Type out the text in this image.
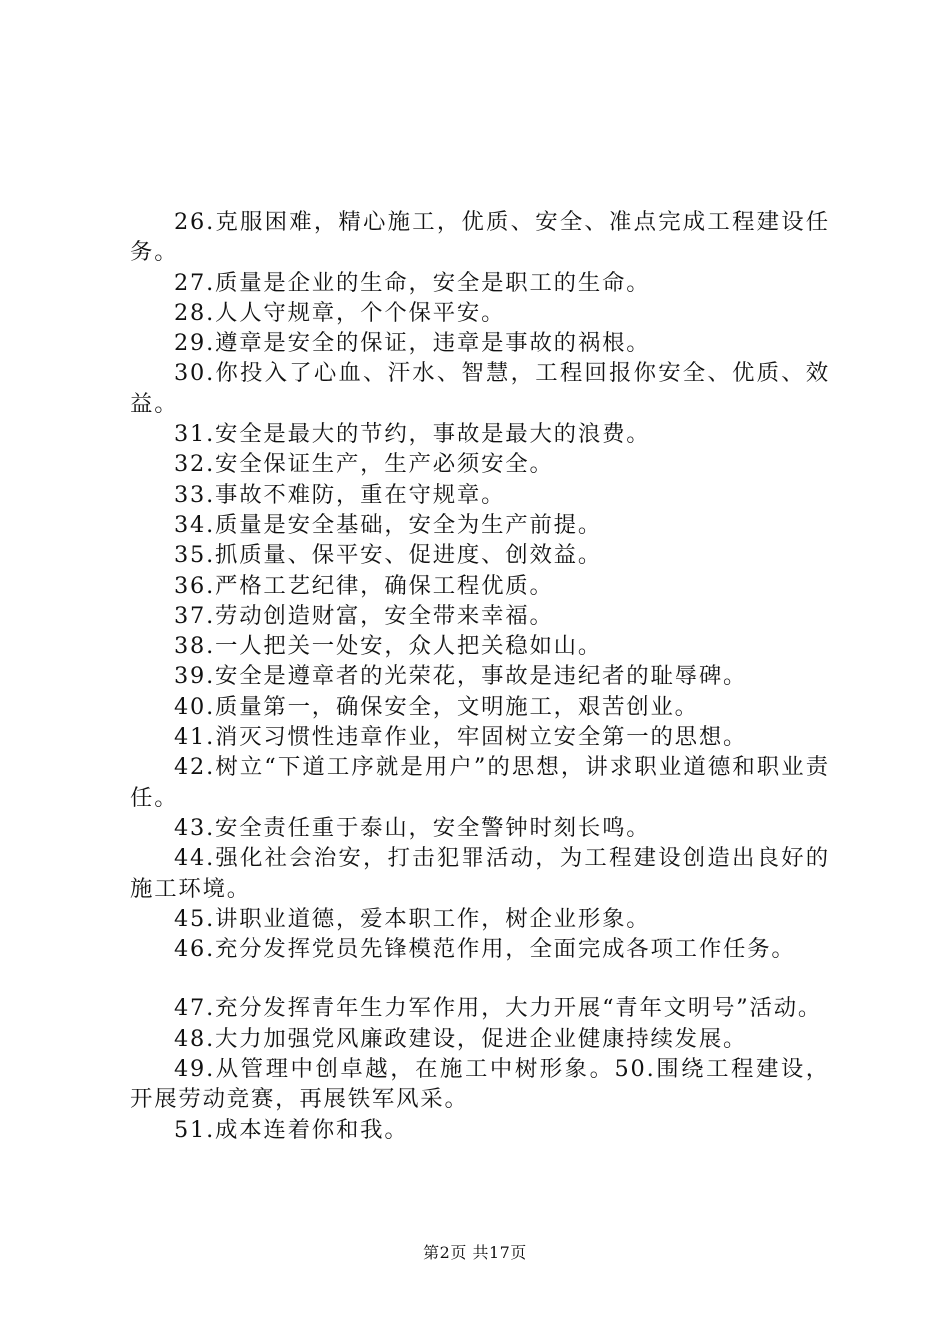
26.克服困难，精心施工，优质、安全、准点完成工程建设任务。

27.质量是企业的生命，安全是职工的生命。

28.人人守规章，个个保平安。

29.遵章是安全的保证，违章是事故的祸根。

30.你投入了心血、汗水、智慧，工程回报你安全、优质、效益。

31.安全是最大的节约，事故是最大的浪费。

32.安全保证生产，生产必须安全。

33.事故不难防，重在守规章。

34.质量是安全基础，安全为生产前提。

35.抓质量、保平安、促进度、创效益。

36.严格工艺纪律，确保工程优质。

37.劳动创造财富，安全带来幸福。

38.一人把关一处安，众人把关稳如山。

39.安全是遵章者的光荣花，事故是违纪者的耻辱碑。

40.质量第一，确保安全，文明施工，艰苦创业。

41.消灭习惯性违章作业，牢固树立安全第一的思想。

42.树立“下道工序就是用户”的思想，讲求职业道德和职业责任。

43.安全责任重于泰山，安全警钟时刻长鸣。

44.强化社会治安，打击犯罪活动，为工程建设创造出良好的施工环境。

45.讲职业道德，爱本职工作，树企业形象。

46.充分发挥党员先锋模范作用，全面完成各项工作任务。

47.充分发挥青年生力军作用，大力开展“青年文明号”活动。

48.大力加强党风廉政建设，促进企业健康持续发展。

49.从管理中创卓越，在施工中树形象。50.围绕工程建设，开展劳动竞赛，再展铁军风采。

51.成本连着你和我。

第2页 共17页
